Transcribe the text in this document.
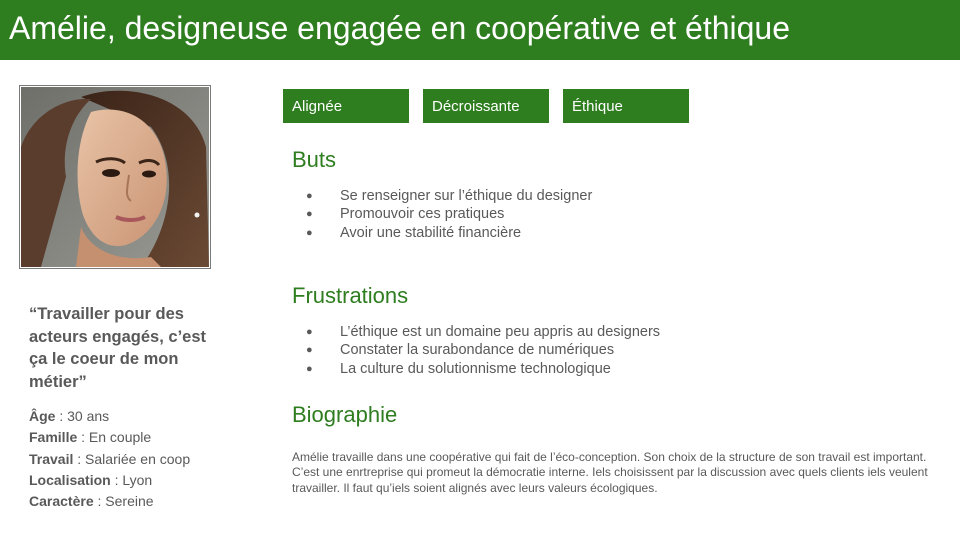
Amélie, designeuse engagée en coopérative et éthique
“Travailler pour des acteurs engagés, c’est ça le coeur de mon métier”
Âge : 30 ans
Famille : En couple
Travail : Salariée en coop
Localisation : Lyon
Caractère : Sereine
Alignée	Décroissante	Éthique
Buts
● Se renseigner sur l’éthique du designer
● Promouvoir ces pratiques
● Avoir une stabilité financière
Frustrations
● L’éthique est un domaine peu appris au designers
● Constater la surabondance de numériques
● La culture du solutionnisme technologique
Biographie

Amélie travaille dans une coopérative qui fait de l’éco-conception. Son choix de la structure de son travail est important. C’est une enrtreprise qui promeut la démocratie interne. Iels choisissent par la discussion avec quels clients iels veulent travailler. Il faut qu’iels soient alignés avec leurs valeurs écologiques.
